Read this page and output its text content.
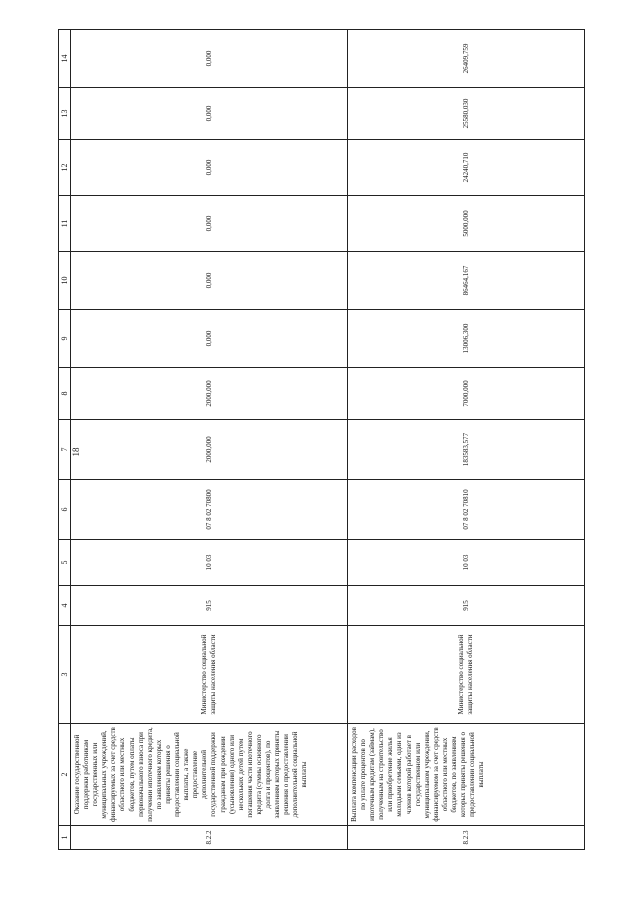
18
1	2	3	4	5	6	7	8	9	10	11	12	13	14
8.2.2	Оказание государственной поддержки работникам государственных или муниципальных учреждений, финансируемых за счет средств областного или местных бюджетов, путем оплаты первоначального взноса при получении ипотечного кредита, по заявлениям которых приняты решения о предоставлении социальной выплаты, а также предоставление дополнительной государственной поддержки гражданам при рождении (усыновлении) одного или нескольких детей путем погашения части ипотечного кредита (суммы основного долга и процентов), по заявлениям которых приняты решения о предоставлении дополнительной социальной выплаты	Министерство социальной защиты населения области	915	10 03	07 8 02 70800	2000,000	2000,000	0,000	0,000	0,000	0,000	0,000	0,000
8.2.3	Выплата компенсации расходов по уплате процентов по ипотечным кредитам (займам), полученным на строительство или приобретение жилья молодыми семьями, один из членов которой работает в государственном или муниципальном учреждении, финансируемом за счет средств областного или местных бюджетов, по заявлениям которых приняты решения о предоставлении социальной выплаты	Министерство социальной защиты населения области	915	10 03	07 8 02 70810	183583,577	7000,000	13006,300	86464,167	5000,000	24240,710	25580,030	26409,759
